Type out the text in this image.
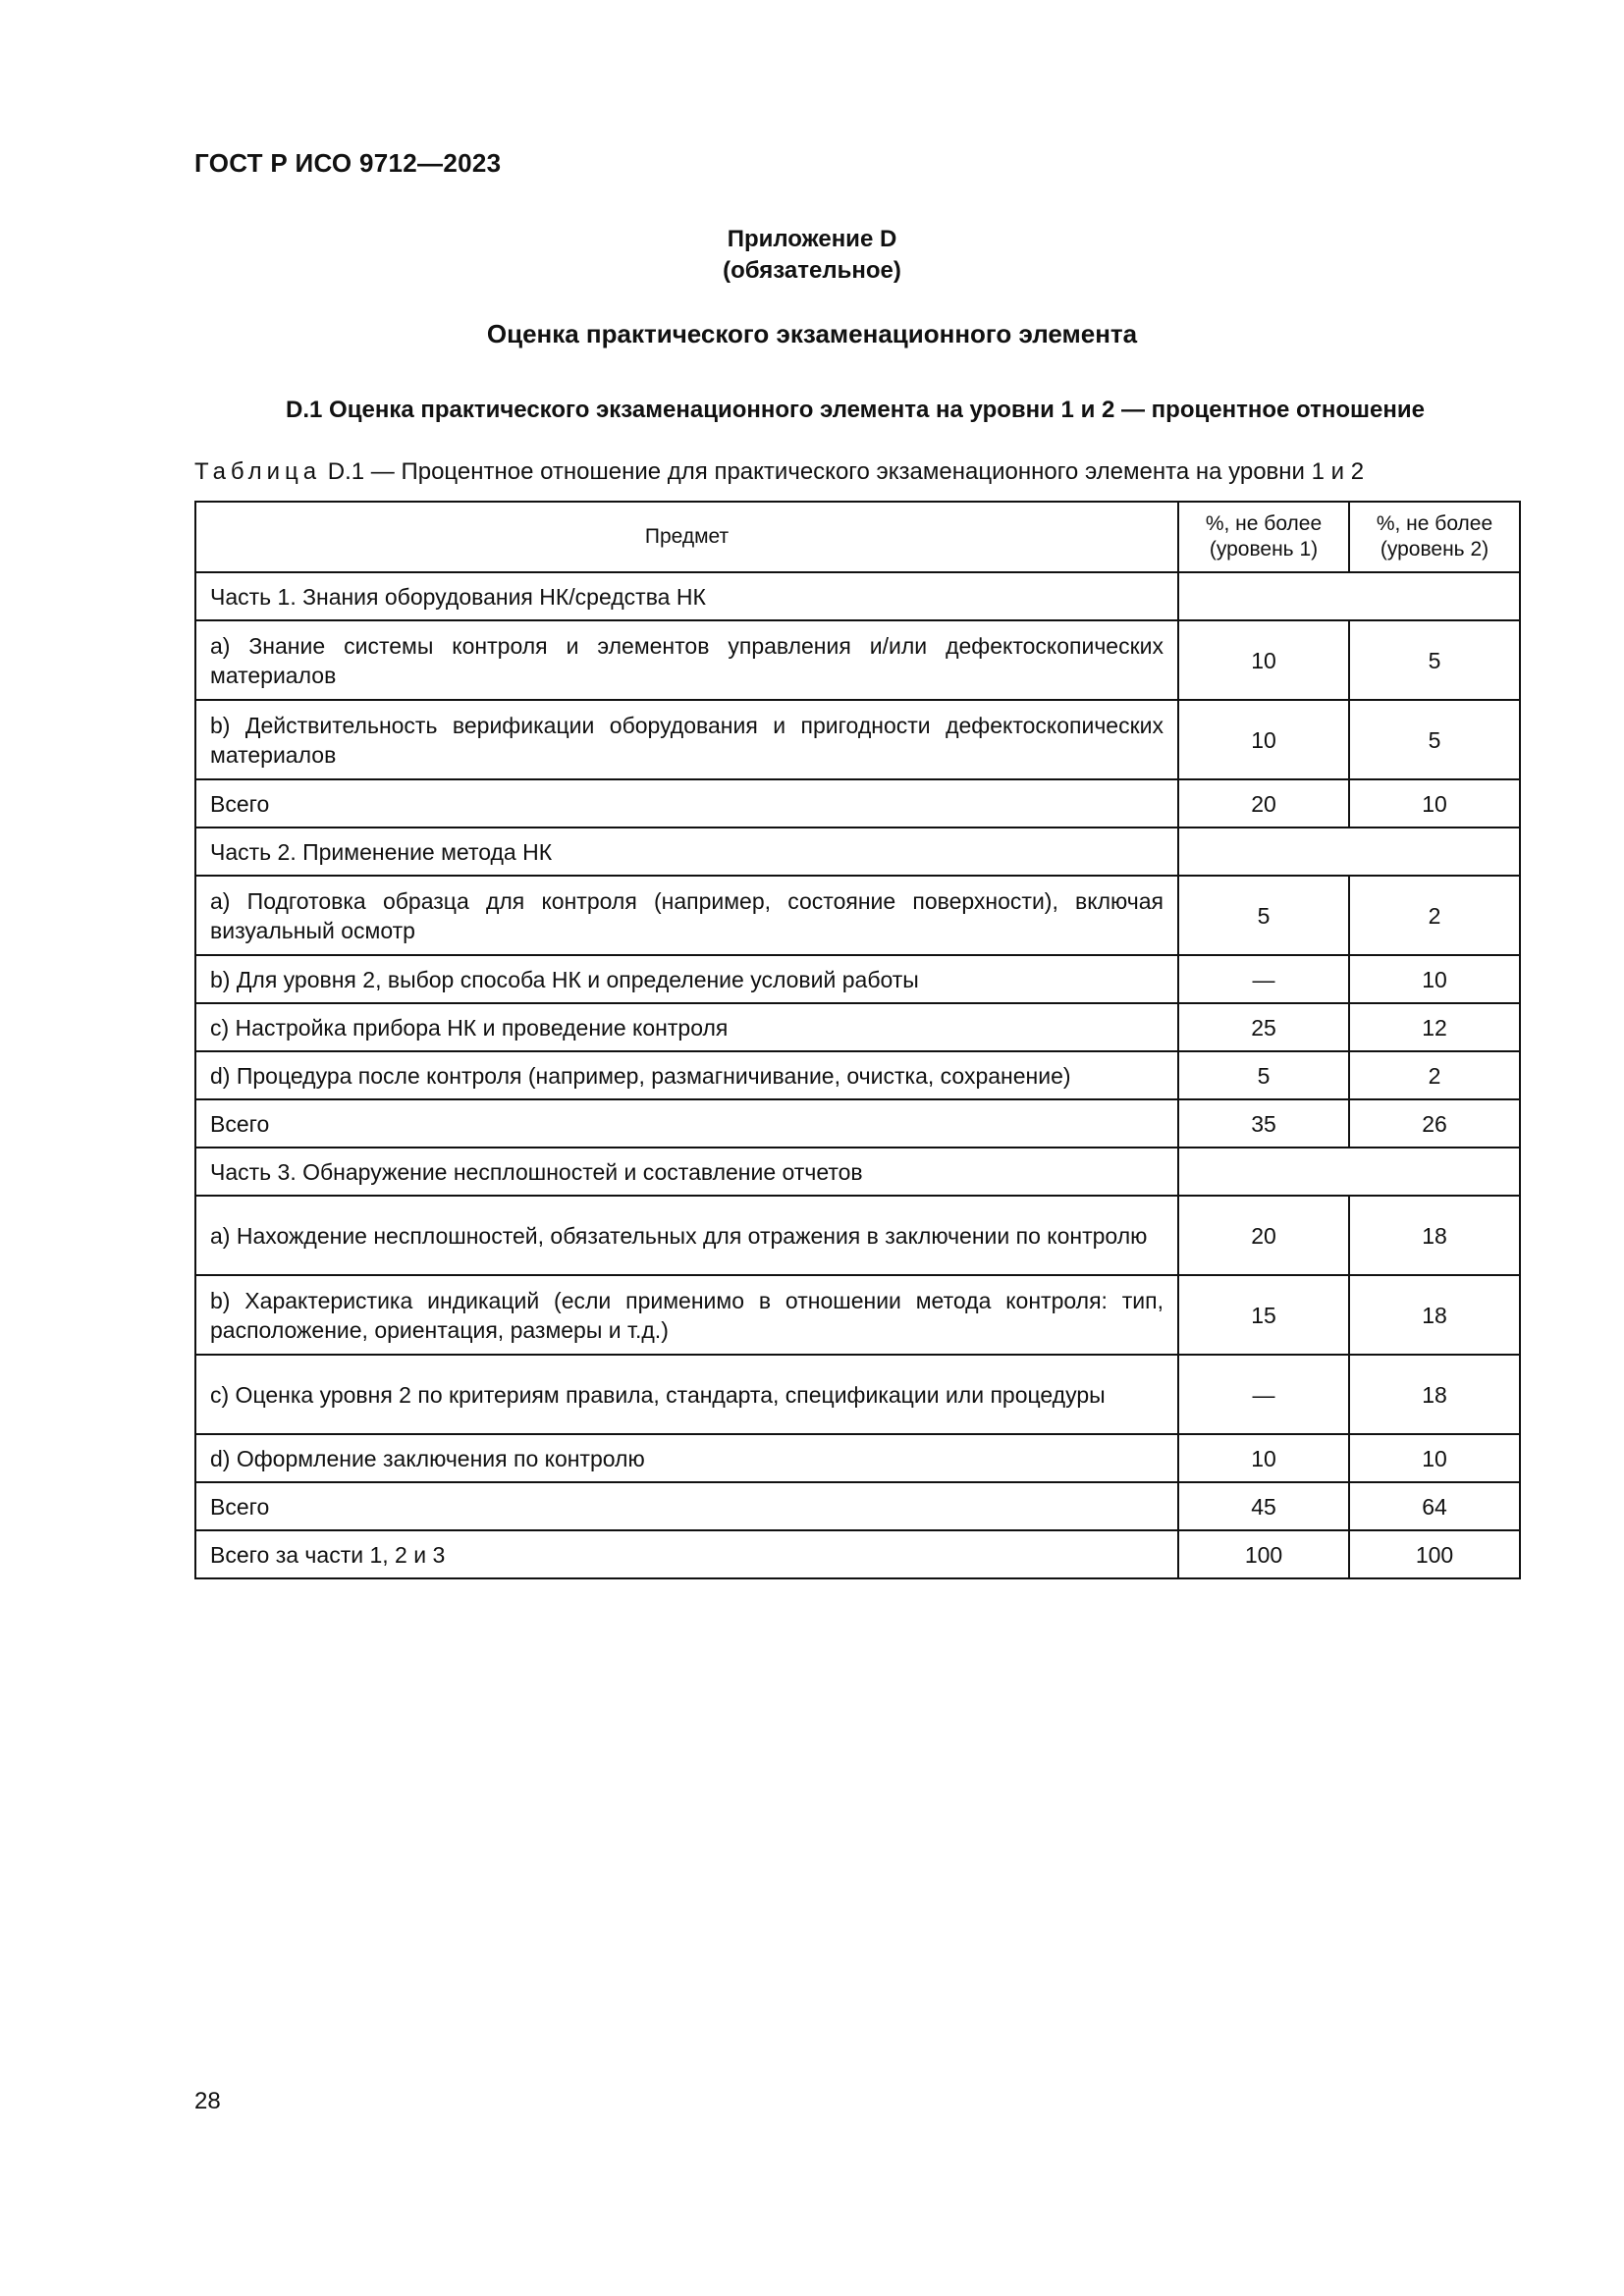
ГОСТ Р ИСО 9712—2023
Приложение D
(обязательное)
Оценка практического экзаменационного элемента
D.1 Оценка практического экзаменационного элемента на уровни 1 и 2 — процентное отношение
Таблица D.1 — Процентное отношение для практического экзаменационного элемента на уровни 1 и 2
Предмет	%, не более (уровень 1)	%, не более (уровень 2)
Часть 1. Знания оборудования НК/средства НК		
а) Знание системы контроля и элементов управления и/или дефектоскопических материалов	10	5
b) Действительность верификации оборудования и пригодности дефектоскопических материалов	10	5
Всего	20	10
Часть 2. Применение метода НК		
а) Подготовка образца для контроля (например, состояние поверхности), включая визуальный осмотр	5	2
b) Для уровня 2, выбор способа НК и определение условий работы	—	10
c) Настройка прибора НК и проведение контроля	25	12
d) Процедура после контроля (например, размагничивание, очистка, сохранение)	5	2
Всего	35	26
Часть 3. Обнаружение несплошностей и составление отчетов		
а) Нахождение несплошностей, обязательных для отражения в заключении по контролю	20	18
b) Характеристика индикаций (если применимо в отношении метода контроля: тип, расположение, ориентация, размеры и т.д.)	15	18
c) Оценка уровня 2 по критериям правила, стандарта, спецификации или процедуры	—	18
d) Оформление заключения по контролю	10	10
Всего	45	64
Всего за части 1, 2 и 3	100	100
28
